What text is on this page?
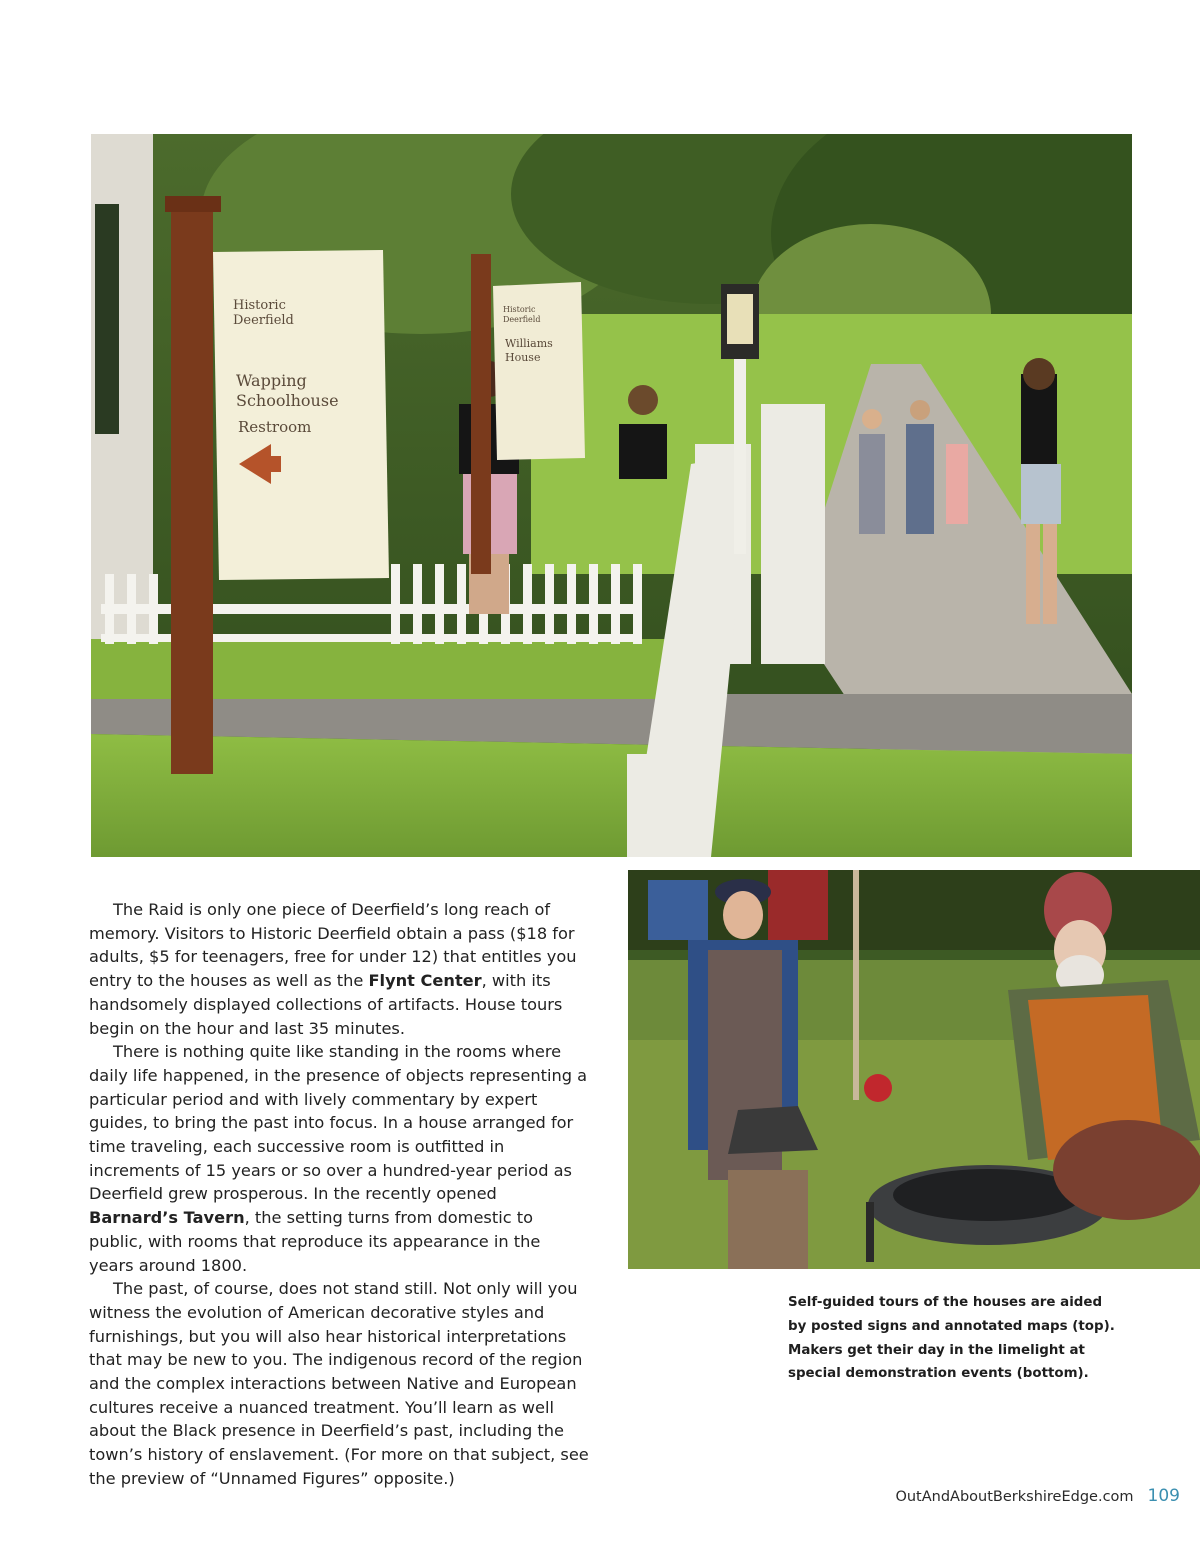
Historic
Deerfield
Wapping
Schoolhouse
Restroom
Historic
Deerfield
Williams
House

The Raid is only one piece of Deerfield’s long reach of memory. Visitors to Historic Deerfield obtain a pass ($18 for adults, $5 for teenagers, free for under 12) that entitles you entry to the houses as well as the Flynt Center, with its handsomely displayed collections of artifacts. House tours begin on the hour and last 35 minutes.

There is nothing quite like standing in the rooms where daily life happened, in the presence of objects representing a particular period and with lively commentary by expert guides, to bring the past into focus. In a house arranged for time traveling, each successive room is outfitted in increments of 15 years or so over a hundred-year period as Deerfield grew prosperous. In the recently opened Barnard’s Tavern, the setting turns from domestic to public, with rooms that reproduce its appearance in the years around 1800.

The past, of course, does not stand still. Not only will you witness the evolution of American decorative styles and furnishings, but you will also hear historical interpretations that may be new to you. The indigenous record of the region and the complex interactions between Native and European cultures receive a nuanced treatment. You’ll learn as well about the Black presence in Deerfield’s past, including the town’s history of enslavement. (For more on that subject, see the preview of “Unnamed Figures” opposite.)

Self-guided tours of the houses are aided by posted signs and annotated maps (top). Makers get their day in the limelight at special demonstration events (bottom).
OutAndAboutBerkshireEdge.com 109
